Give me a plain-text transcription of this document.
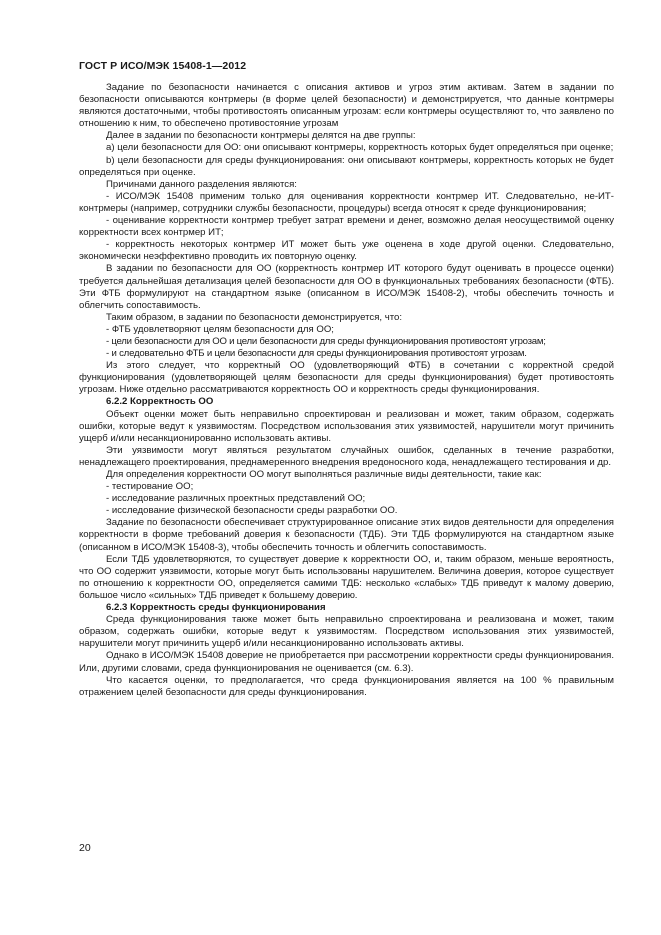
ГОСТ Р ИСО/МЭК 15408-1—2012

Задание по безопасности начинается с описания активов и угроз этим активам. Затем в задании по безопасности описываются контрмеры (в форме целей безопасности) и демонстрируется, что данные контрмеры являются достаточными, чтобы противостоять описанным угрозам: если контрмеры осуществляют то, что заявлено по отношению к ним, то обеспечено противостояние угрозам

Далее в задании по безопасности контрмеры делятся на две группы:

a) цели безопасности для ОО: они описывают контрмеры, корректность которых будет определяться при оценке;

b) цели безопасности для среды функционирования: они описывают контрмеры, корректность которых не будет определяться при оценке.

Причинами данного разделения являются:

- ИСО/МЭК 15408 применим только для оценивания корректности контрмер ИТ. Следовательно, не-ИТ-контрмеры (например, сотрудники службы безопасности, процедуры) всегда относят к среде функционирования;

- оценивание корректности контрмер требует затрат времени и денег, возможно делая неосуществимой оценку корректности всех контрмер ИТ;

- корректность некоторых контрмер ИТ может быть уже оценена в ходе другой оценки. Следовательно, экономически неэффективно проводить их повторную оценку.

В задании по безопасности для ОО (корректность контрмер ИТ которого будут оценивать в процессе оценки) требуется дальнейшая детализация целей безопасности для ОО в функциональных требованиях безопасности (ФТБ). Эти ФТБ формулируют на стандартном языке (описанном в ИСО/МЭК 15408-2), чтобы обеспечить точность и облегчить сопоставимость.

Таким образом, в задании по безопасности демонстрируется, что:

- ФТБ удовлетворяют целям безопасности для ОО;

- цели безопасности для ОО и цели безопасности для среды функционирования противостоят угрозам;

- и следовательно ФТБ и цели безопасности для среды функционирования противостоят угрозам.

Из этого следует, что корректный ОО (удовлетворяющий ФТБ) в сочетании с корректной средой функционирования (удовлетворяющей целям безопасности для среды функционирования) будет противостоять угрозам. Ниже отдельно рассматриваются корректность ОО и корректность среды функционирования.

6.2.2 Корректность ОО

Объект оценки может быть неправильно спроектирован и реализован и может, таким образом, содержать ошибки, которые ведут к уязвимостям. Посредством использования этих уязвимостей, нарушители могут причинить ущерб и/или несанкционированно использовать активы.

Эти уязвимости могут являться результатом случайных ошибок, сделанных в течение разработки, ненадлежащего проектирования, преднамеренного внедрения вредоносного кода, ненадлежащего тестирования и др.

Для определения корректности ОО могут выполняться различные виды деятельности, такие как:

- тестирование ОО;

- исследование различных проектных представлений ОО;

- исследование физической безопасности среды разработки ОО.

Задание по безопасности обеспечивает структурированное описание этих видов деятельности для определения корректности в форме требований доверия к безопасности (ТДБ). Эти ТДБ формулируются на стандартном языке (описанном в ИСО/МЭК 15408-3), чтобы обеспечить точность и облегчить сопоставимость.

Если ТДБ удовлетворяются, то существует доверие к корректности ОО, и, таким образом, меньше вероятность, что ОО содержит уязвимости, которые могут быть использованы нарушителем. Величина доверия, которое существует по отношению к корректности ОО, определяется самими ТДБ: несколько «слабых» ТДБ приведут к малому доверию, большое число «сильных» ТДБ приведет к большему доверию.

6.2.3 Корректность среды функционирования

Среда функционирования также может быть неправильно спроектирована и реализована и может, таким образом, содержать ошибки, которые ведут к уязвимостям. Посредством использования этих уязвимостей, нарушители могут причинить ущерб и/или несанкционированно использовать активы.

Однако в ИСО/МЭК 15408 доверие не приобретается при рассмотрении корректности среды функционирования. Или, другими словами, среда функционирования не оценивается (см. 6.3).

Что касается оценки, то предполагается, что среда функционирования является на 100 % правильным отражением целей безопасности для среды функционирования.

20
